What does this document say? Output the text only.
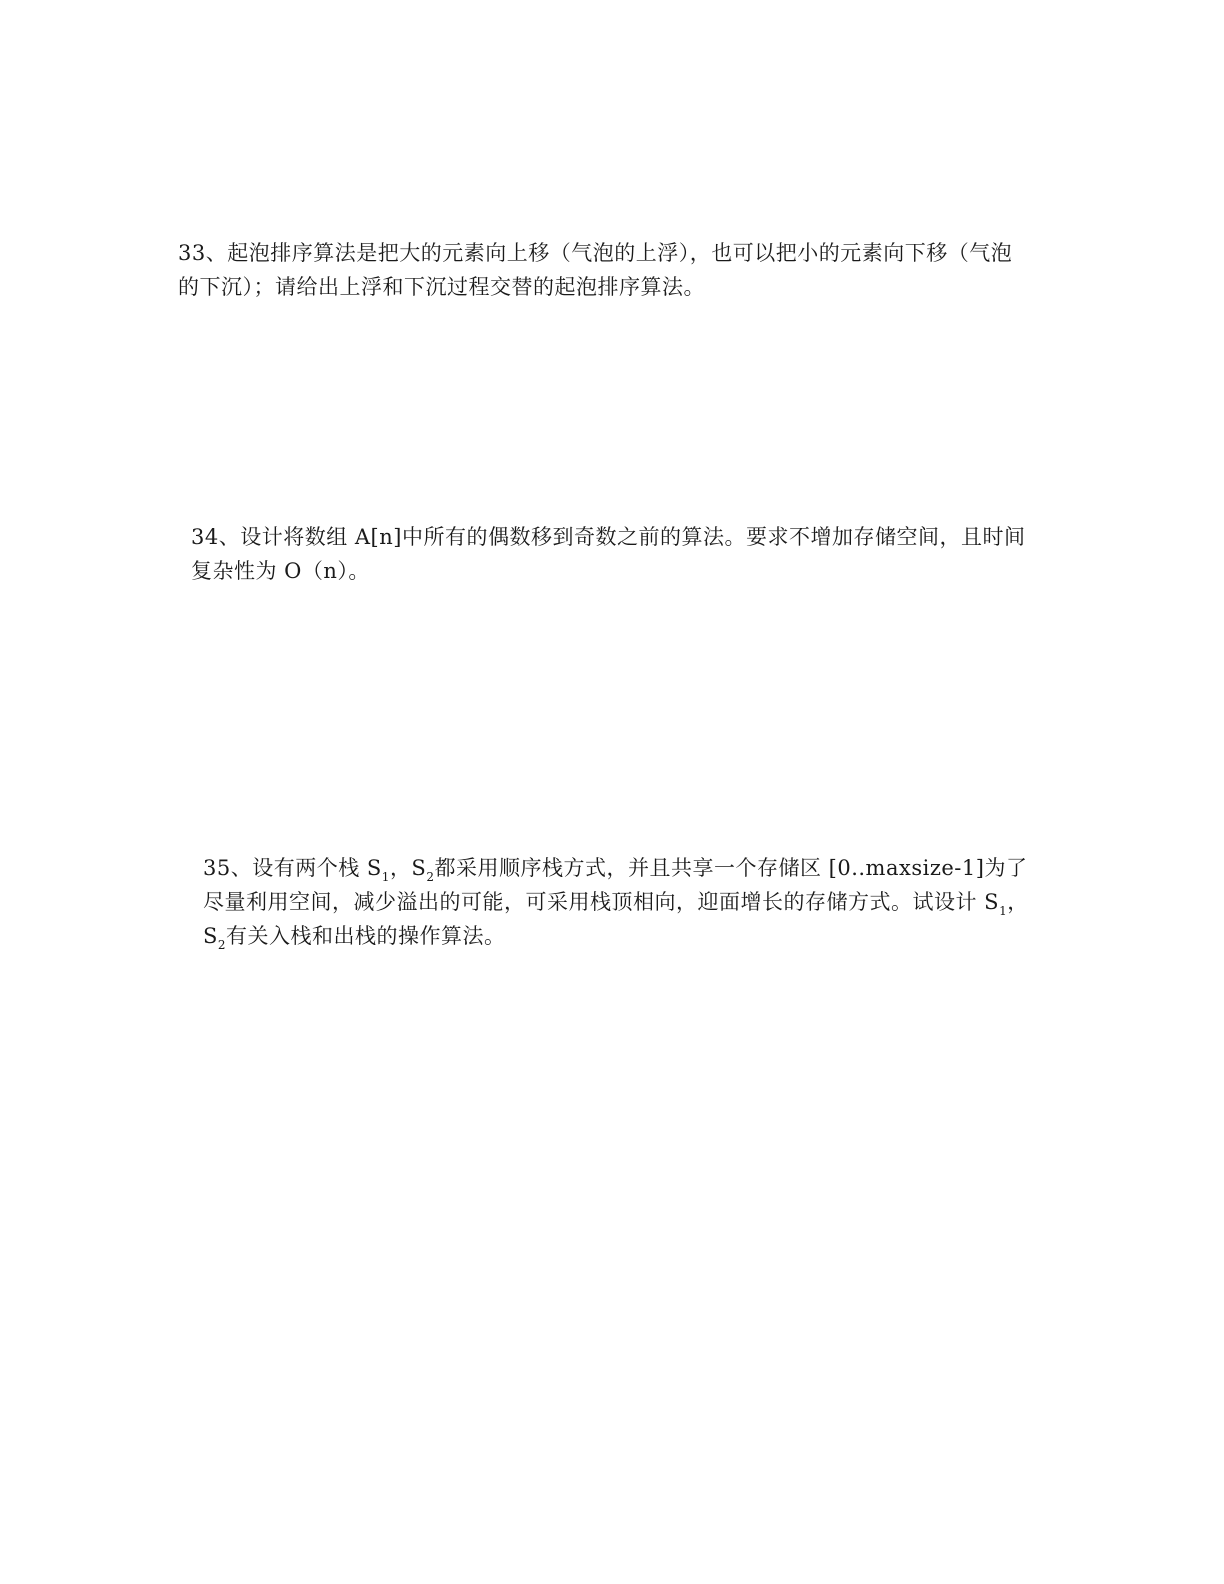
33、起泡排序算法是把大的元素向上移（气泡的上浮），也可以把小的元素向下移（气泡
的下沉）；请给出上浮和下沉过程交替的起泡排序算法。
34、设计将数组 A[n]中所有的偶数移到奇数之前的算法。要求不增加存储空间，且时间
复杂性为 O（n）。
35、设有两个栈 $S_1$，$S_2$都采用顺序栈方式，并且共享一个存储区 [0..maxsize-1]为了
尽量利用空间，减少溢出的可能，可采用栈顶相向，迎面增长的存储方式。试设计 $S_1$，
$S_2$有关入栈和出栈的操作算法。
